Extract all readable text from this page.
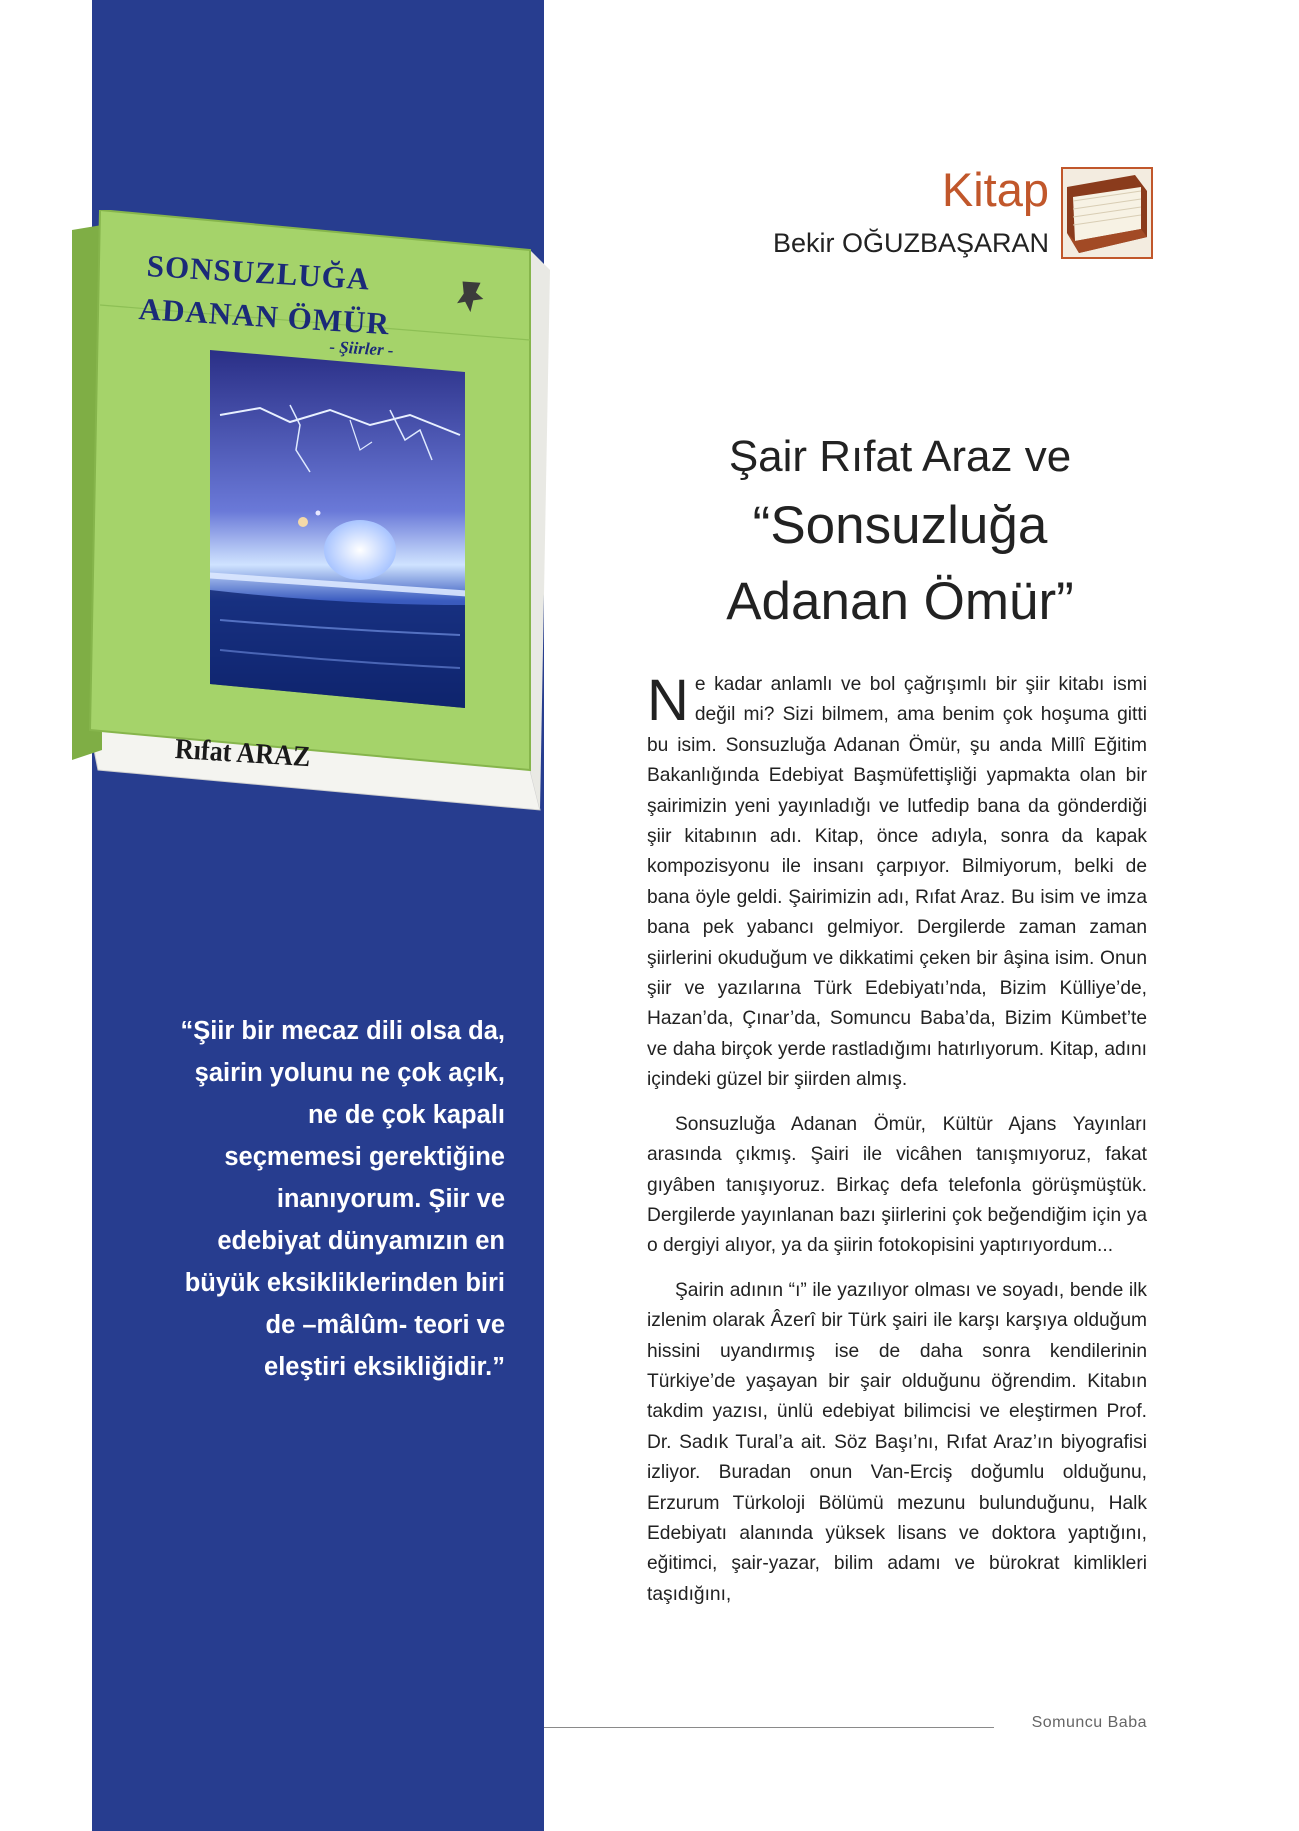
SONSUZLUĞA
ADANAN ÖMÜR
- Şiirler -
Rıfat ARAZ
Kitap
Bekir OĞUZBAŞARAN
Şair Rıfat Araz ve
“Sonsuzluğa
Adanan Ömür”

Ne kadar anlamlı ve bol çağrışımlı bir şiir kitabı ismi değil mi? Sizi bilmem, ama benim çok hoşuma gitti bu isim. Sonsuzluğa Adanan Ömür, şu anda Millî Eğitim Bakanlığında Edebiyat Başmüfettişliği yapmakta olan bir şairimizin yeni yayınladığı ve lutfedip bana da gönderdiği şiir kitabının adı. Kitap, önce adıyla, sonra da kapak kompozisyonu ile insanı çarpıyor. Bilmiyorum, belki de bana öyle geldi. Şairimizin adı, Rıfat Araz. Bu isim ve imza bana pek yabancı gelmiyor. Dergilerde zaman zaman şiirlerini okuduğum ve dikkatimi çeken bir âşina isim. Onun şiir ve yazılarına Türk Edebiyatı’nda, Bizim Külliye’de, Hazan’da, Çınar’da, Somuncu Baba’da, Bizim Kümbet’te ve daha birçok yerde rastladığımı hatırlıyorum. Kitap, adını içindeki güzel bir şiirden almış.

Sonsuzluğa Adanan Ömür, Kültür Ajans Yayınları arasında çıkmış. Şairi ile vicâhen tanışmıyoruz, fakat gıyâben tanışıyoruz. Birkaç defa telefonla görüşmüştük. Dergilerde yayınlanan bazı şiirlerini çok beğendiğim için ya o dergiyi alıyor, ya da şiirin fotokopisini yaptırıyordum...

Şairin adının “ı” ile yazılıyor olması ve soyadı, bende ilk izlenim olarak Âzerî bir Türk şairi ile karşı karşıya olduğum hissini uyandırmış ise de daha sonra kendilerinin Türkiye’de yaşayan bir şair olduğunu öğrendim. Kitabın takdim yazısı, ünlü edebiyat bilimcisi ve eleştirmen Prof. Dr. Sadık Tural’a ait. Söz Başı’nı, Rıfat Araz’ın biyografisi izliyor. Buradan onun Van-Erciş doğumlu olduğunu, Erzurum Türkoloji Bölümü mezunu bulunduğunu, Halk Edebiyatı alanında yüksek lisans ve doktora yaptığını, eğitimci, şair-yazar, bilim adamı ve bürokrat kimlikleri taşıdığını,

“Şiir bir mecaz dili olsa da, şairin yolunu ne çok açık, ne de çok kapalı seçmemesi gerektiğine inanıyorum. Şiir ve edebiyat dünyamızın en büyük eksikliklerinden biri de –mâlûm- teori ve eleştiri eksikliğidir.”
Somuncu Baba
